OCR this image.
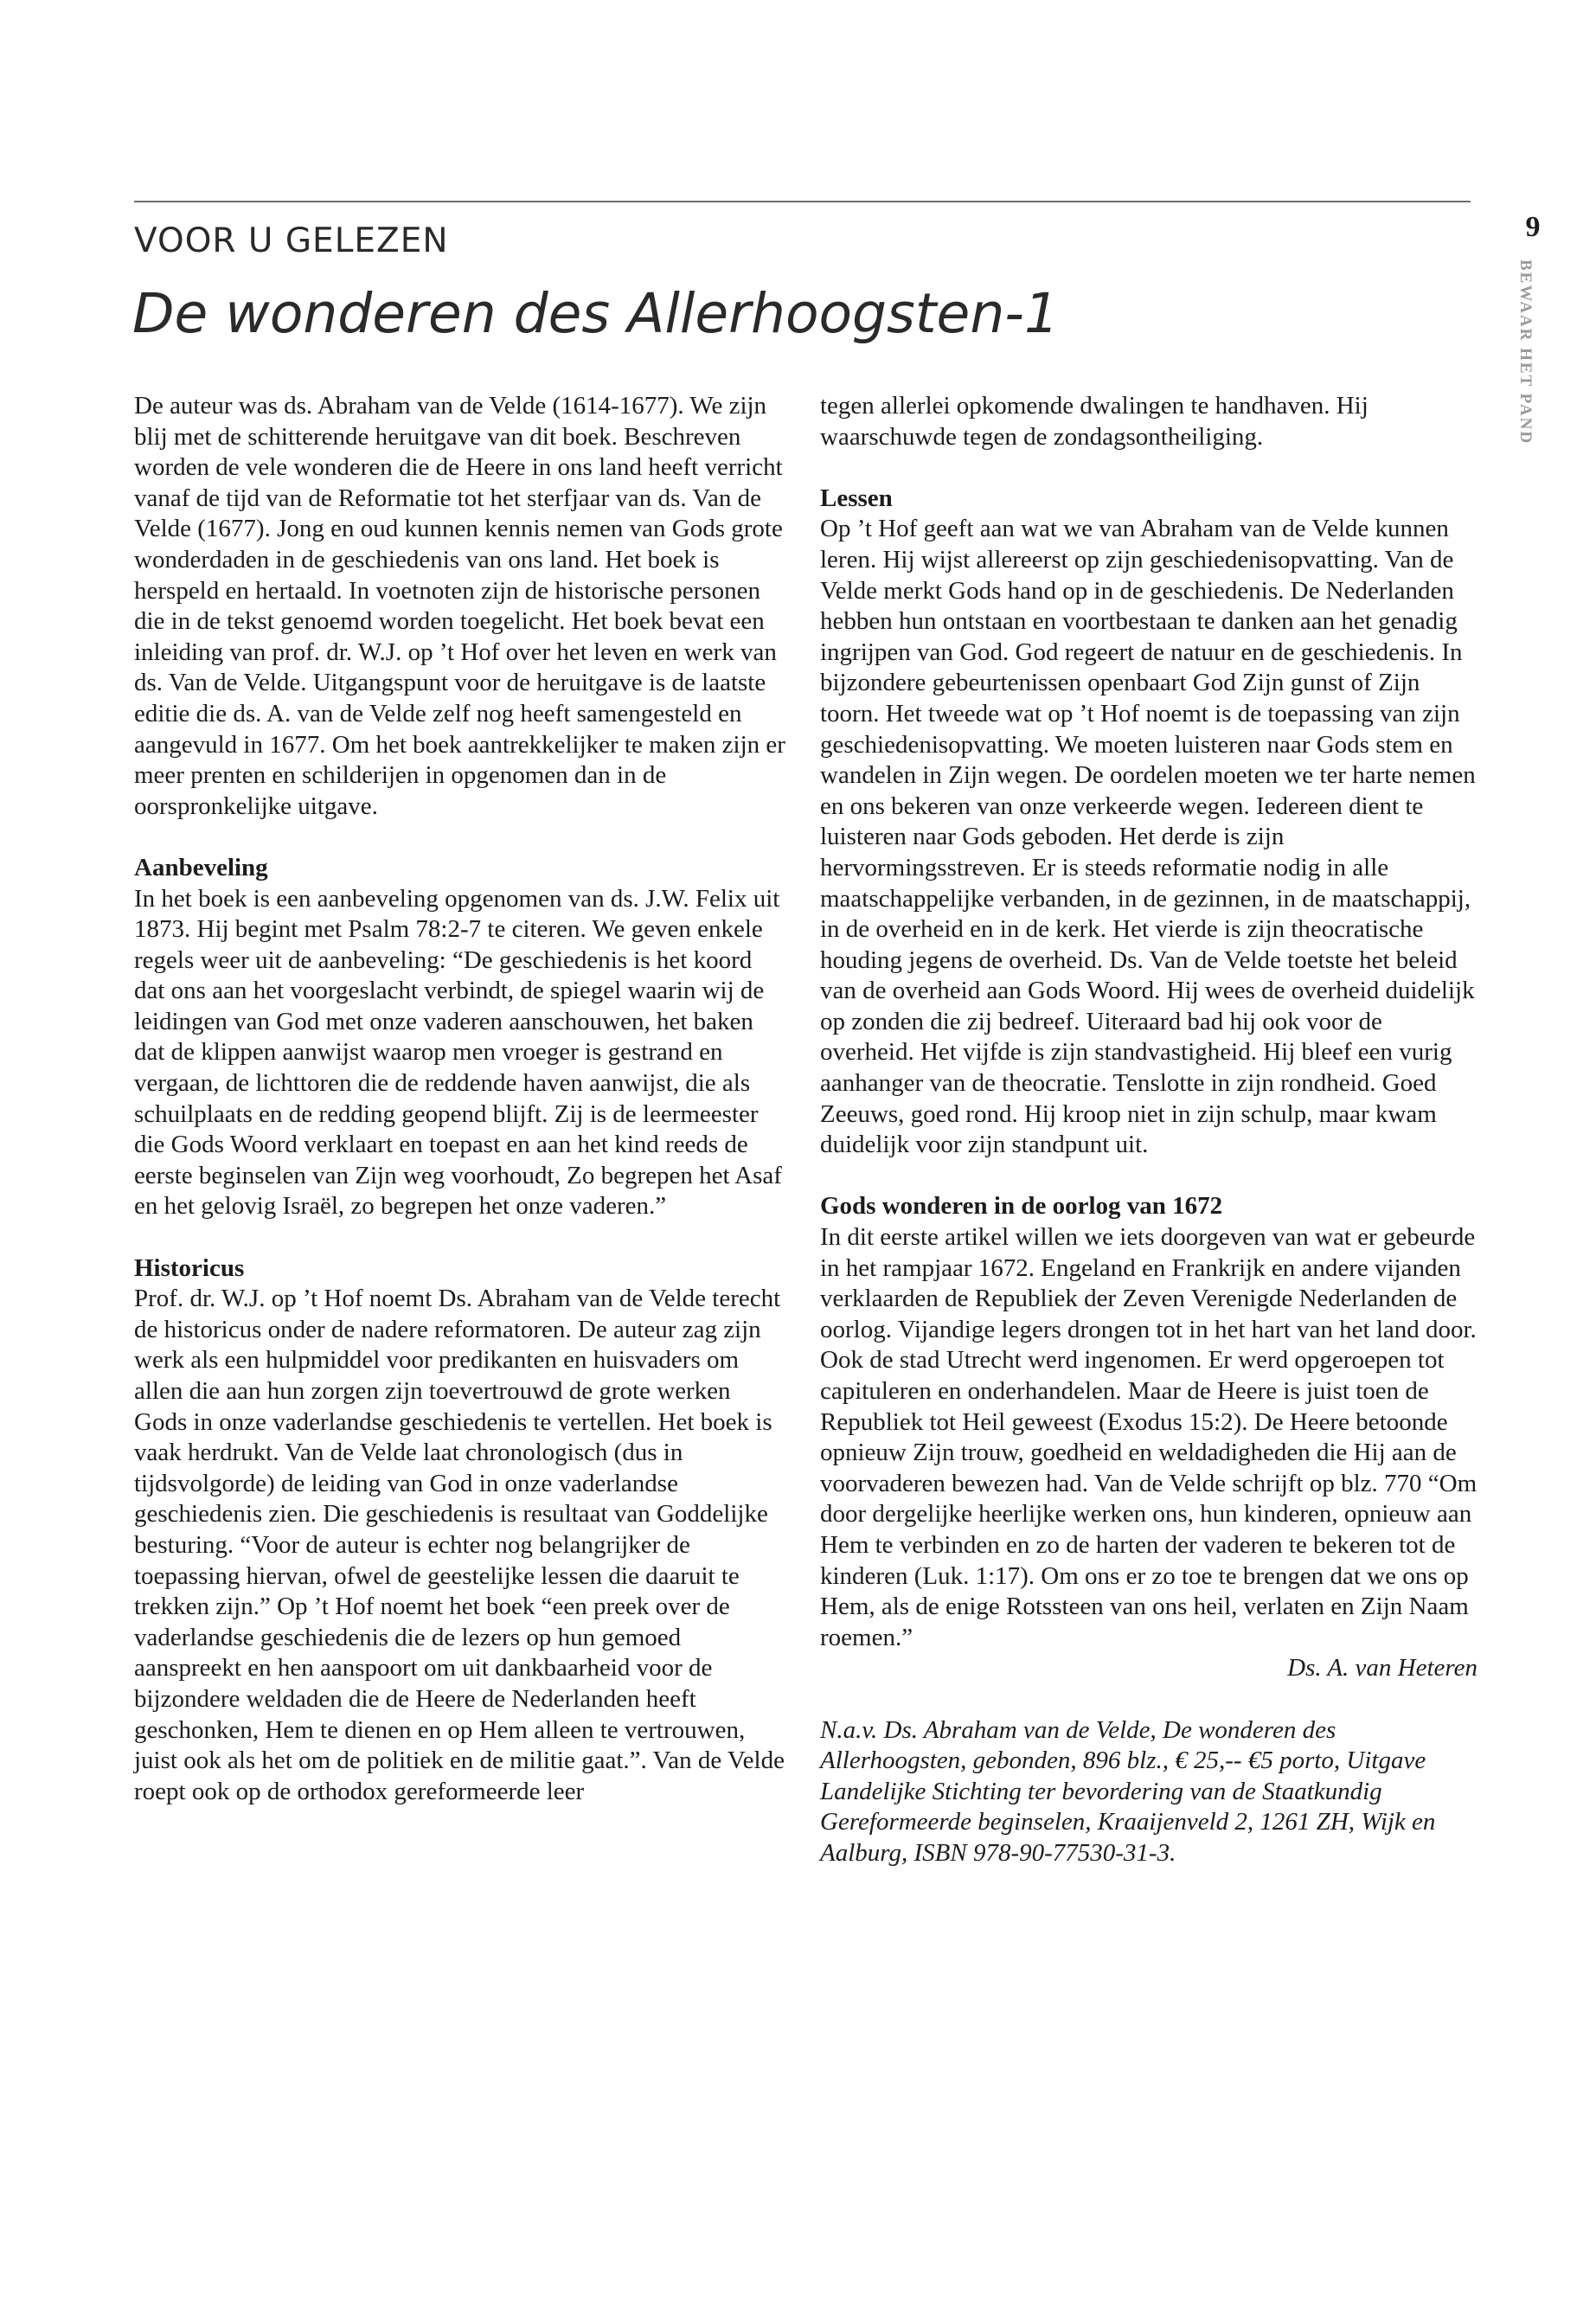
9
BEWAAR HET PAND
VOOR U GELEZEN
De wonderen des Allerhoogsten-1

De auteur was ds. Abraham van de Velde (1614-1677). We zijn blij met de schitterende heruitgave van dit boek. Beschreven worden de vele wonderen die de Heere in ons land heeft verricht vanaf de tijd van de Reformatie tot het sterfjaar van ds. Van de Velde (1677). Jong en oud kunnen kennis nemen van Gods grote wonderdaden in de geschiedenis van ons land. Het boek is herspeld en hertaald. In voetnoten zijn de historische personen die in de tekst genoemd worden toegelicht. Het boek bevat een inleiding van prof. dr. W.J. op ’t Hof over het leven en werk van ds. Van de Velde. Uitgangspunt voor de heruitgave is de laatste editie die ds. A. van de Velde zelf nog heeft samengesteld en aangevuld in 1677. Om het boek aantrekkelijker te maken zijn er meer prenten en schilderijen in opgenomen dan in de oorspronkelijke uitgave.

Aanbeveling

In het boek is een aanbeveling opgenomen van ds. J.W. Felix uit 1873. Hij begint met Psalm 78:2-7 te citeren. We geven enkele regels weer uit de aanbeveling: “De geschiedenis is het koord dat ons aan het voorgeslacht verbindt, de spiegel waarin wij de leidingen van God met onze vaderen aanschouwen, het baken dat de klippen aanwijst waarop men vroeger is gestrand en vergaan, de lichttoren die de reddende haven aanwijst, die als schuilplaats en de redding geopend blijft. Zij is de leermeester die Gods Woord verklaart en toepast en aan het kind reeds de eerste beginselen van Zijn weg voorhoudt, Zo begrepen het Asaf en het gelovig Israël, zo begrepen het onze vaderen.”

Historicus

Prof. dr. W.J. op ’t Hof noemt Ds. Abraham van de Velde terecht de historicus onder de nadere reformatoren. De auteur zag zijn werk als een hulpmiddel voor predikanten en huisvaders om allen die aan hun zorgen zijn toevertrouwd de grote werken Gods in onze vaderlandse geschiedenis te vertellen. Het boek is vaak herdrukt. Van de Velde laat chronologisch (dus in tijdsvolgorde) de leiding van God in onze vaderlandse geschiedenis zien. Die geschiedenis is resultaat van Goddelijke besturing. “Voor de auteur is echter nog belangrijker de toepassing hiervan, ofwel de geestelijke lessen die daaruit te trekken zijn.” Op ’t Hof noemt het boek “een preek over de vaderlandse geschiedenis die de lezers op hun gemoed aanspreekt en hen aanspoort om uit dankbaarheid voor de bijzondere weldaden die de Heere de Nederlanden heeft geschonken, Hem te dienen en op Hem alleen te vertrouwen, juist ook als het om de politiek en de militie gaat.”. Van de Velde roept ook op de orthodox gereformeerde leer

tegen allerlei opkomende dwalingen te handhaven. Hij waarschuwde tegen de zondagsontheiliging.

Lessen

Op ’t Hof geeft aan wat we van Abraham van de Velde kunnen leren. Hij wijst allereerst op zijn geschiedenisopvatting. Van de Velde merkt Gods hand op in de geschiedenis. De Nederlanden hebben hun ontstaan en voortbestaan te danken aan het genadig ingrijpen van God. God regeert de natuur en de geschiedenis. In bijzondere gebeurtenissen openbaart God Zijn gunst of Zijn toorn. Het tweede wat op ’t Hof noemt is de toepassing van zijn geschiedenisopvatting. We moeten luisteren naar Gods stem en wandelen in Zijn wegen. De oordelen moeten we ter harte nemen en ons bekeren van onze verkeerde wegen. Iedereen dient te luisteren naar Gods geboden. Het derde is zijn hervormingsstreven. Er is steeds reformatie nodig in alle maatschappelijke verbanden, in de gezinnen, in de maatschappij, in de overheid en in de kerk. Het vierde is zijn theocratische houding jegens de overheid. Ds. Van de Velde toetste het beleid van de overheid aan Gods Woord. Hij wees de overheid duidelijk op zonden die zij bedreef. Uiteraard bad hij ook voor de overheid. Het vijfde is zijn standvastigheid. Hij bleef een vurig aanhanger van de theocratie. Tenslotte in zijn rondheid. Goed Zeeuws, goed rond. Hij kroop niet in zijn schulp, maar kwam duidelijk voor zijn standpunt uit.

Gods wonderen in de oorlog van 1672

In dit eerste artikel willen we iets doorgeven van wat er gebeurde in het rampjaar 1672. Engeland en Frankrijk en andere vijanden verklaarden de Republiek der Zeven Verenigde Nederlanden de oorlog. Vijandige legers drongen tot in het hart van het land door. Ook de stad Utrecht werd ingenomen. Er werd opgeroepen tot capituleren en onderhandelen. Maar de Heere is juist toen de Republiek tot Heil geweest (Exodus 15:2). De Heere betoonde opnieuw Zijn trouw, goedheid en weldadigheden die Hij aan de voorvaderen bewezen had. Van de Velde schrijft op blz. 770 “Om door dergelijke heerlijke werken ons, hun kinderen, opnieuw aan Hem te verbinden en zo de harten der vaderen te bekeren tot de kinderen (Luk. 1:17). Om ons er zo toe te brengen dat we ons op Hem, als de enige Rotssteen van ons heil, verlaten en Zijn Naam roemen.”

Ds. A. van Heteren

N.a.v. Ds. Abraham van de Velde, De wonderen des Allerhoogsten, gebonden, 896 blz., € 25,-- €5 porto, Uitgave Landelijke Stichting ter bevordering van de Staatkundig Gereformeerde beginselen, Kraaijenveld 2, 1261 ZH, Wijk en Aalburg, ISBN 978-90-77530-31-3.
